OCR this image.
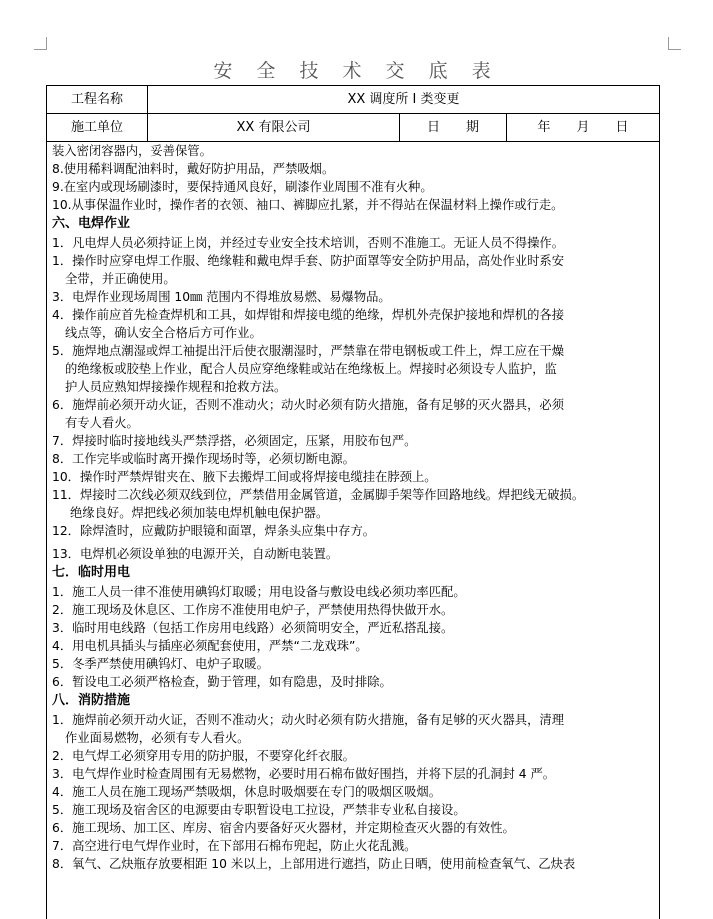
安 全 技 术 交 底 表
工程名称	XX 调度所 I 类变更
施工单位	XX 有限公司	日　　期	年　　月　　日
装入密闭容器内，妥善保管。
8.使用稀料调配油料时，戴好防护用品，严禁吸烟。
9.在室内或现场刷漆时，要保持通风良好，刷漆作业周围不准有火种。
10.从事保温作业时，操作者的衣领、袖口、裤脚应扎紧，并不得站在保温材料上操作或行走。
六、电焊作业
1．凡电焊人员必须持证上岗，并经过专业安全技术培训，否则不准施工。无证人员不得操作。
1．操作时应穿电焊工作服、绝缘鞋和戴电焊手套、防护面罩等安全防护用品，高处作业时系安
全带，并正确使用。
3．电焊作业现场周围 10㎜ 范围内不得堆放易燃、易爆物品。
4．操作前应首先检查焊机和工具，如焊钳和焊接电缆的绝缘，焊机外壳保护接地和焊机的各接
线点等，确认安全合格后方可作业。
5．施焊地点潮湿或焊工袖提出汗后使衣服潮湿时，严禁靠在带电钢板或工件上，焊工应在干燥
的绝缘板或胶垫上作业，配合人员应穿绝缘鞋或站在绝缘板上。焊接时必须设专人监护，监
护人员应熟知焊接操作规程和抢救方法。
6．施焊前必须开动火证，否则不准动火；动火时必须有防火措施，备有足够的灭火器具，必须
有专人看火。
7．焊接时临时接地线头严禁浮搭，必须固定，压紧，用胶布包严。
8．工作完毕或临时离开操作现场时等，必须切断电源。
10．操作时严禁焊钳夹在、腋下去搬焊工间或将焊接电缆挂在脖颈上。
11．焊接时二次线必须双线到位，严禁借用金属管道，金属脚手架等作回路地线。焊把线无破损。
绝缘良好。焊把线必须加装电焊机触电保护器。
12．除焊渣时，应戴防护眼镜和面罩，焊条头应集中存方。
13．电焊机必须设单独的电源开关，自动断电装置。
七．临时用电
1．施工人员一律不准使用碘钨灯取暖；用电设备与敷设电线必须功率匹配。
2．施工现场及休息区、工作房不准使用电炉子，严禁使用热得快做开水。
3．临时用电线路（包括工作房用电线路）必须简明安全，严近私搭乱接。
4．用电机具插头与插座必须配套使用，严禁“二龙戏珠”。
5．冬季严禁使用碘钨灯、电炉子取暖。
6．暂设电工必须严格检查，勤于管理，如有隐患，及时排除。
八．消防措施
1．施焊前必须开动火证，否则不准动火；动火时必须有防火措施，备有足够的灭火器具，清理
作业面易燃物，必须有专人看火。
2．电气焊工必须穿用专用的防护服，不要穿化纤衣服。
3．电气焊作业时检查周围有无易燃物，必要时用石棉布做好围挡，并将下层的孔洞封 4 严。
4．施工人员在施工现场严禁吸烟，休息时吸烟要在专门的吸烟区吸烟。
5．施工现场及宿舍区的电源要由专职暂设电工拉设，严禁非专业私自接设。
6．施工现场、加工区、库房、宿舍内要备好灭火器材，并定期检查灭火器的有效性。
7．高空进行电气焊作业时，在下部用石棉布兜起，防止火花乱溅。
8．氧气、乙炔瓶存放要相距 10 米以上，上部用进行遮挡，防止日晒，使用前检查氧气、乙炔表
